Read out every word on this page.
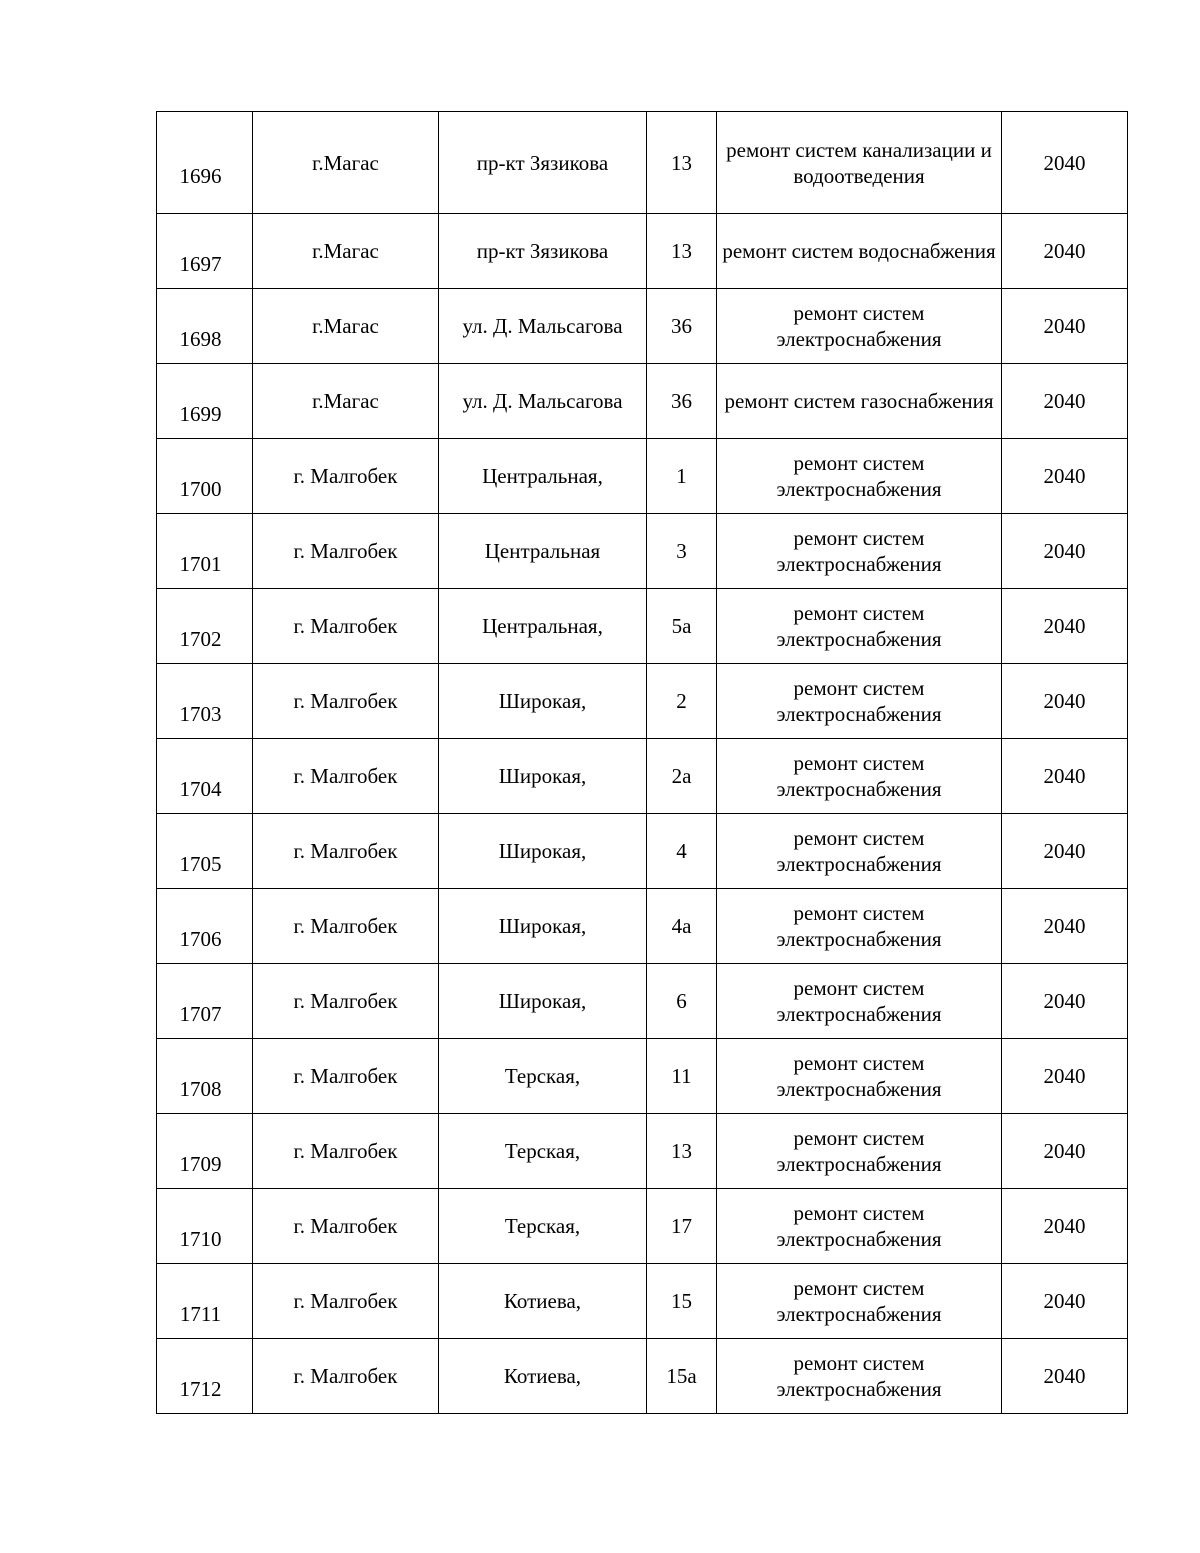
1696	г.Магас	пр-кт Зязикова	13	ремонт систем канализации и водоотведения	2040
1697	г.Магас	пр-кт Зязикова	13	ремонт систем водоснабжения	2040
1698	г.Магас	ул. Д. Мальсагова	36	ремонт систем электроснабжения	2040
1699	г.Магас	ул. Д. Мальсагова	36	ремонт систем газоснабжения	2040
1700	г. Малгобек	Центральная,	1	ремонт систем электроснабжения	2040
1701	г. Малгобек	Центральная	3	ремонт систем электроснабжения	2040
1702	г. Малгобек	Центральная,	5а	ремонт систем электроснабжения	2040
1703	г. Малгобек	Широкая,	2	ремонт систем электроснабжения	2040
1704	г. Малгобек	Широкая,	2а	ремонт систем электроснабжения	2040
1705	г. Малгобек	Широкая,	4	ремонт систем электроснабжения	2040
1706	г. Малгобек	Широкая,	4а	ремонт систем электроснабжения	2040
1707	г. Малгобек	Широкая,	6	ремонт систем электроснабжения	2040
1708	г. Малгобек	Терская,	11	ремонт систем электроснабжения	2040
1709	г. Малгобек	Терская,	13	ремонт систем электроснабжения	2040
1710	г. Малгобек	Терская,	17	ремонт систем электроснабжения	2040
1711	г. Малгобек	Котиева,	15	ремонт систем электроснабжения	2040
1712	г. Малгобек	Котиева,	15а	ремонт систем электроснабжения	2040
